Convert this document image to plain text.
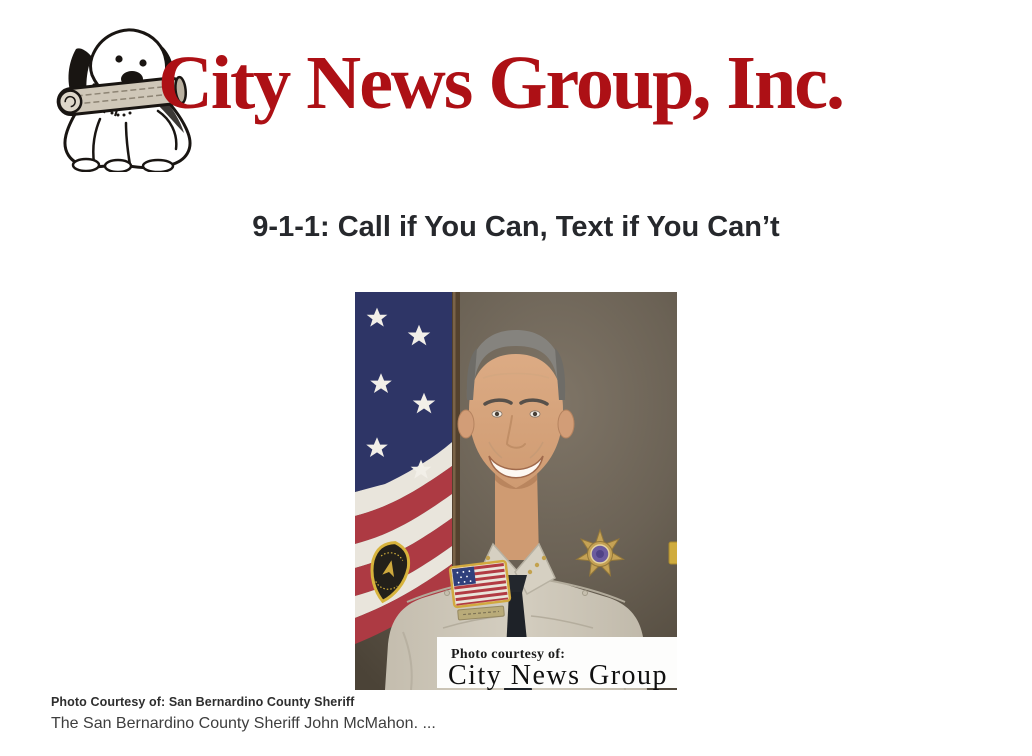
City News Group, Inc.
9-1-1: Call if You Can, Text if You Can’t
Photo courtesy of:
City News Group
Photo Courtesy of: San Bernardino County Sheriff
The San Bernardino County Sheriff John McMahon. ...
